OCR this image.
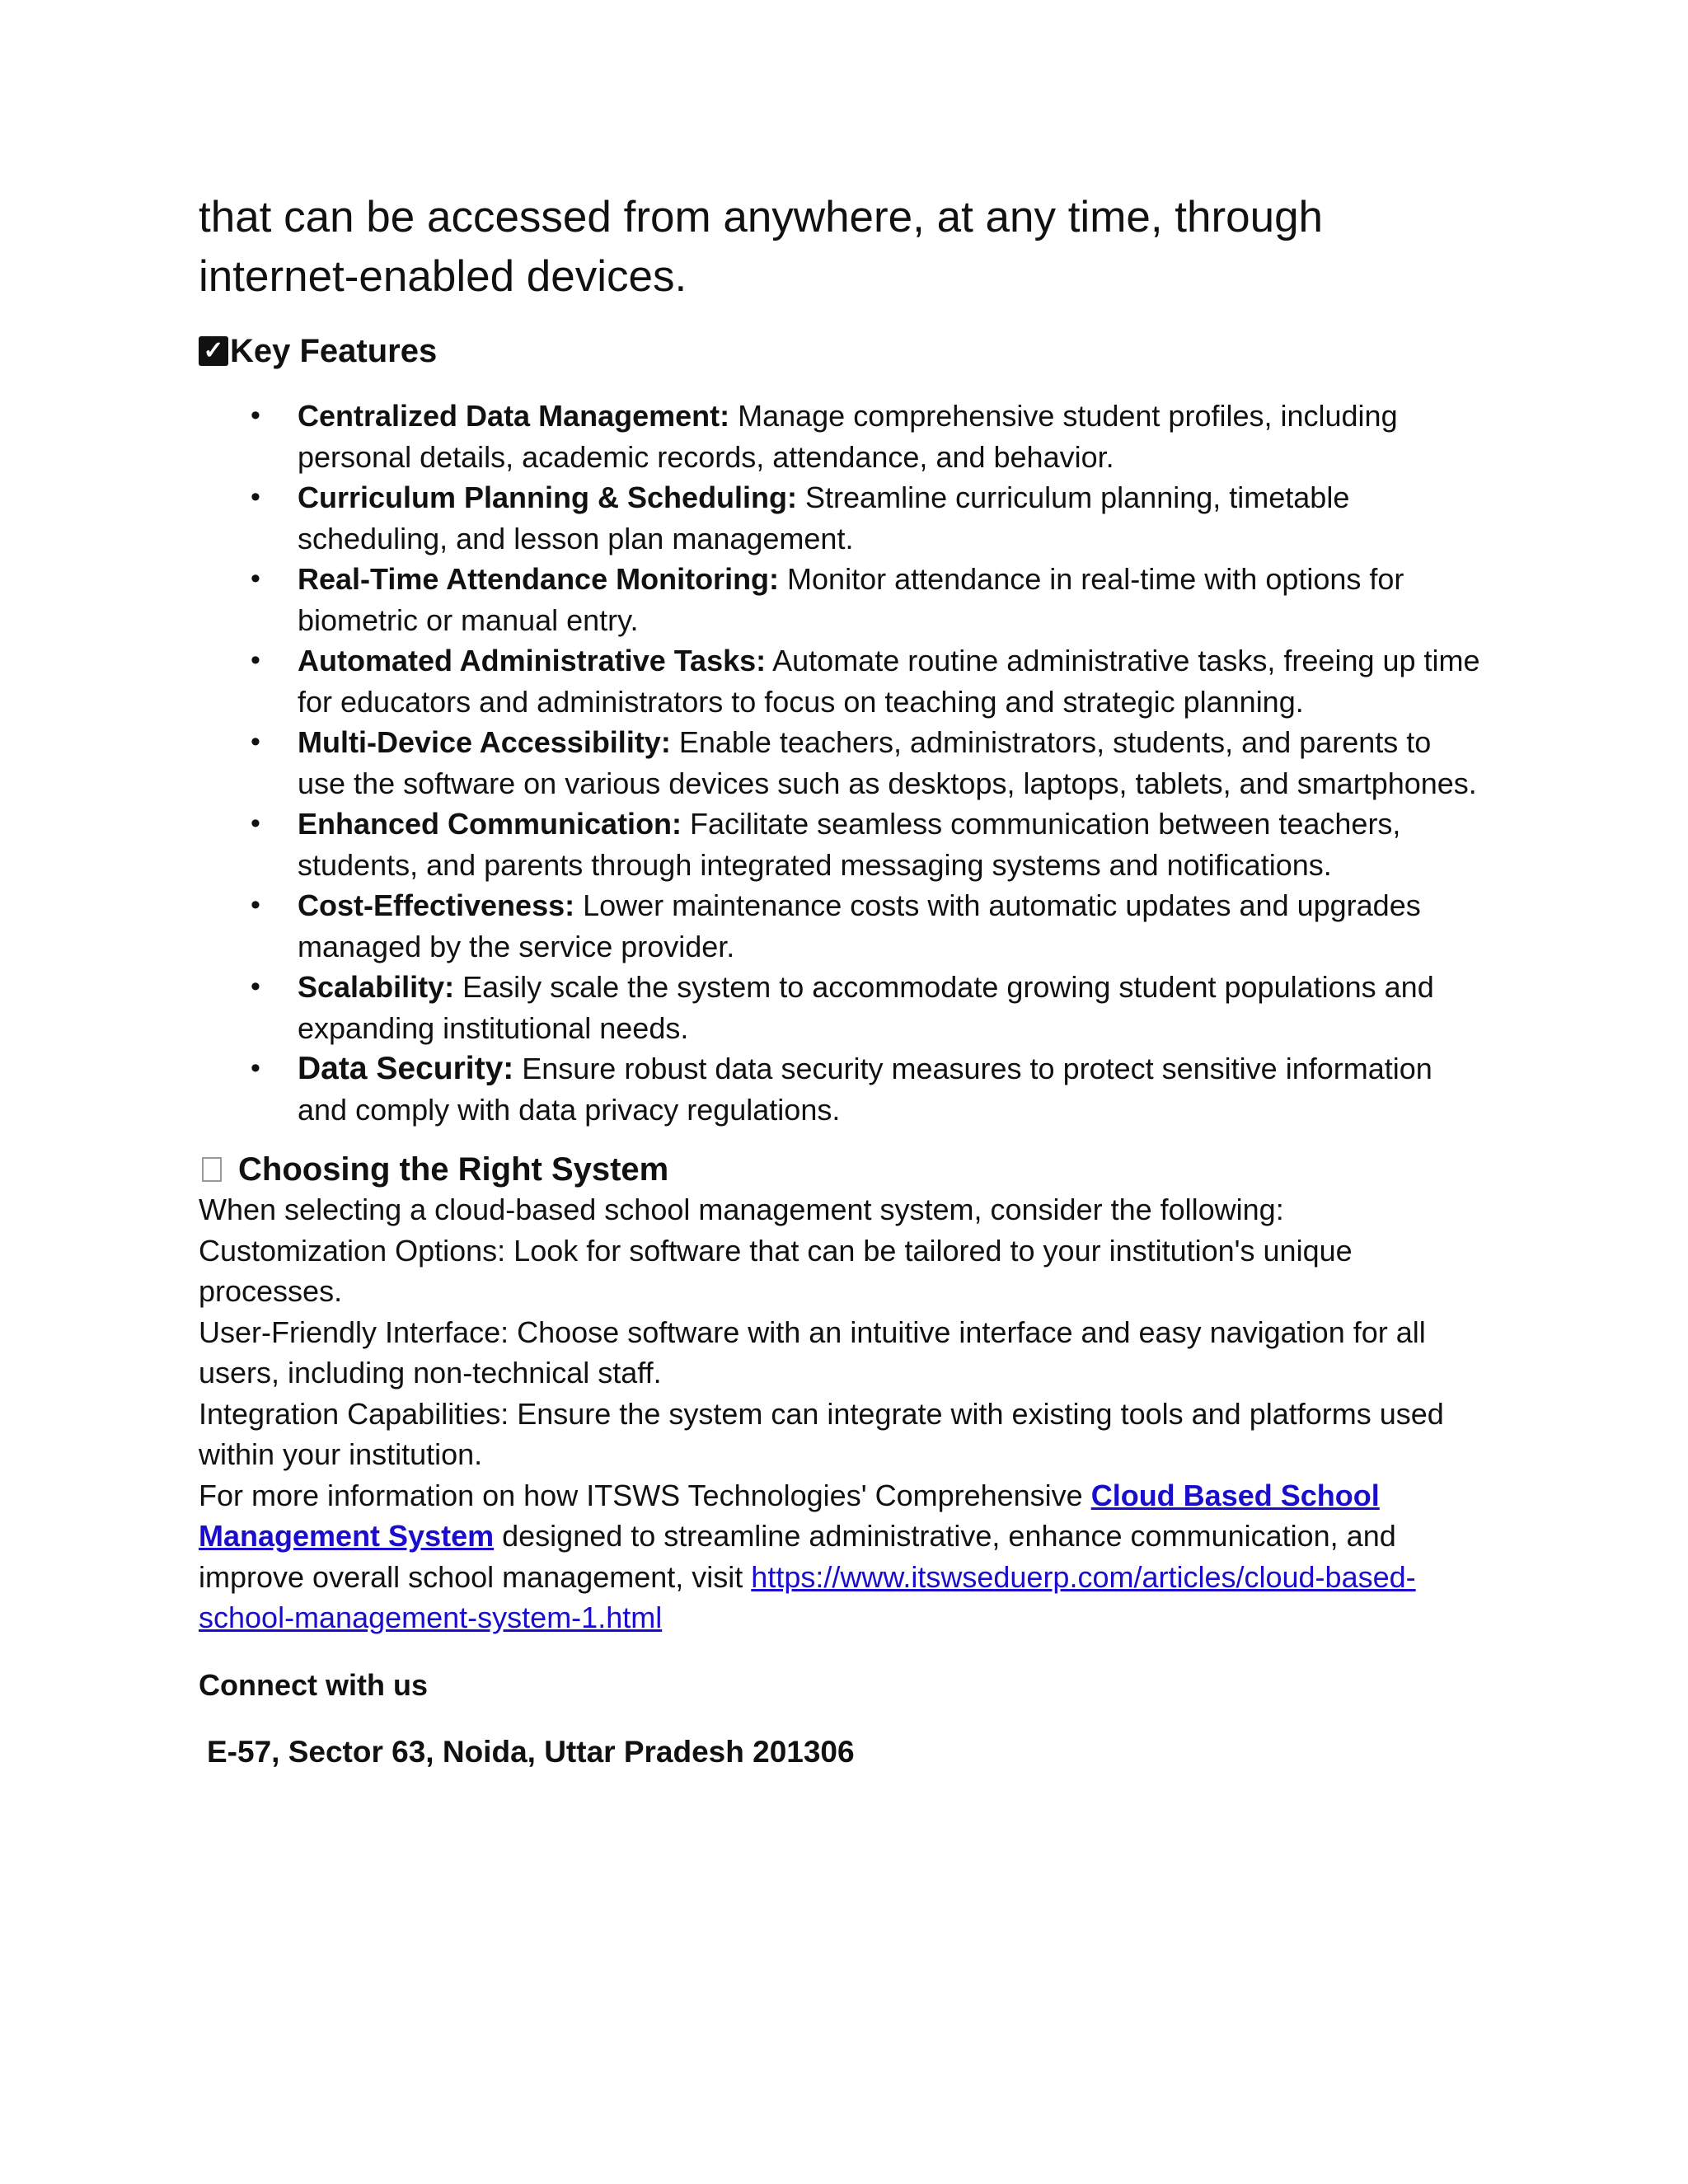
that can be accessed from anywhere, at any time, through internet-enabled devices.

✓ Key Features
• Centralized Data Management: Manage comprehensive student profiles, including personal details, academic records, attendance, and behavior.
• Curriculum Planning & Scheduling: Streamline curriculum planning, timetable scheduling, and lesson plan management.
• Real-Time Attendance Monitoring: Monitor attendance in real-time with options for biometric or manual entry.
• Automated Administrative Tasks: Automate routine administrative tasks, freeing up time for educators and administrators to focus on teaching and strategic planning.
• Multi-Device Accessibility: Enable teachers, administrators, students, and parents to use the software on various devices such as desktops, laptops, tablets, and smartphones.
• Enhanced Communication: Facilitate seamless communication between teachers, students, and parents through integrated messaging systems and notifications.
• Cost-Effectiveness: Lower maintenance costs with automatic updates and upgrades managed by the service provider.
• Scalability: Easily scale the system to accommodate growing student populations and expanding institutional needs.
• Data Security: Ensure robust data security measures to protect sensitive information and comply with data privacy regulations.
Choosing the Right System

When selecting a cloud-based school management system, consider the following:

Customization Options: Look for software that can be tailored to your institution's unique processes.

User-Friendly Interface: Choose software with an intuitive interface and easy navigation for all users, including non-technical staff.

Integration Capabilities: Ensure the system can integrate with existing tools and platforms used within your institution.

For more information on how ITSWS Technologies' Comprehensive Cloud Based School Management System designed to streamline administrative, enhance communication, and improve overall school management, visit https://www.itswseduerp.com/articles/cloud-based-school-management-system-1.html

Connect with us

E-57, Sector 63, Noida, Uttar Pradesh 201306
